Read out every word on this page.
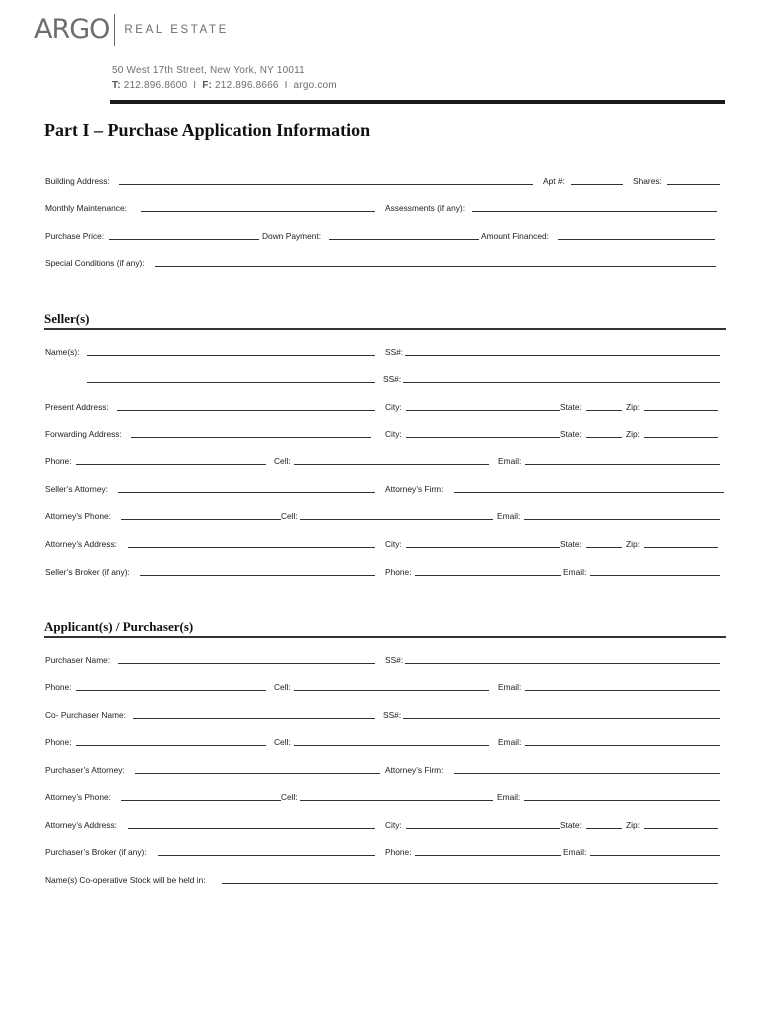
ARGO REAL ESTATE
50 West 17th Street, New York, NY 10011
T: 212.896.8600 I F: 212.896.8666 I argo.com
Part I – Purchase Application Information
Building Address:	Apt #:	Shares:
Monthly Maintenance:	Assessments (if any):
Purchase Price:	Down Payment:	Amount Financed:
Special Conditions (if any):
Seller(s)
Name(s):	SS#:
SS#:
Present Address:	City:	State:	Zip:
Forwarding Address:	City:	State:	Zip:
Phone:	Cell:	Email:
Seller’s Attorney:	Attorney’s Firm:
Attorney’s Phone:	Cell:	Email:
Attorney’s Address:	City:	State:	Zip:
Seller’s Broker (if any):	Phone:	Email:
Applicant(s) / Purchaser(s)
Purchaser Name:	SS#:
Phone:	Cell:	Email:
Co- Purchaser Name:	SS#:
Phone:	Cell:	Email:
Purchaser’s Attorney:	Attorney’s Firm:
Attorney’s Phone:	Cell:	Email:
Attorney’s Address:	City:	State:	Zip:
Purchaser’s Broker (if any):	Phone:	Email:
Name(s) Co-operative Stock will be held in:
